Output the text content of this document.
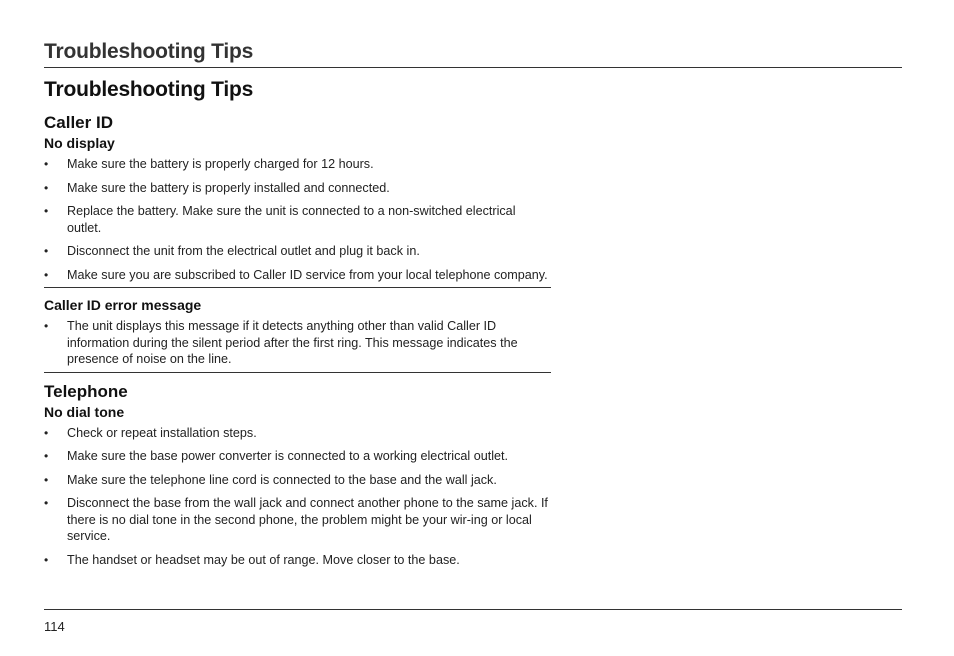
Troubleshooting Tips
Troubleshooting Tips
Caller ID
No display
• Make sure the battery is properly charged for 12 hours.
• Make sure the battery is properly installed and connected.
• Replace the battery. Make sure the unit is connected to a non-switched electrical outlet.
• Disconnect the unit from the electrical outlet and plug it back in.
• Make sure you are subscribed to Caller ID service from your local telephone company.
Caller ID error message
• The unit displays this message if it detects anything other than valid Caller ID information during the silent period after the first ring. This message indicates the presence of noise on the line.
Telephone
No dial tone
• Check or repeat installation steps.
• Make sure the base power converter is connected to a working electrical outlet.
• Make sure the telephone line cord is connected to the base and the wall jack.
• Disconnect the base from the wall jack and connect another phone to the same jack. If there is no dial tone in the second phone, the problem might be your wir-ing or local service.
• The handset or headset may be out of range. Move closer to the base.
114
